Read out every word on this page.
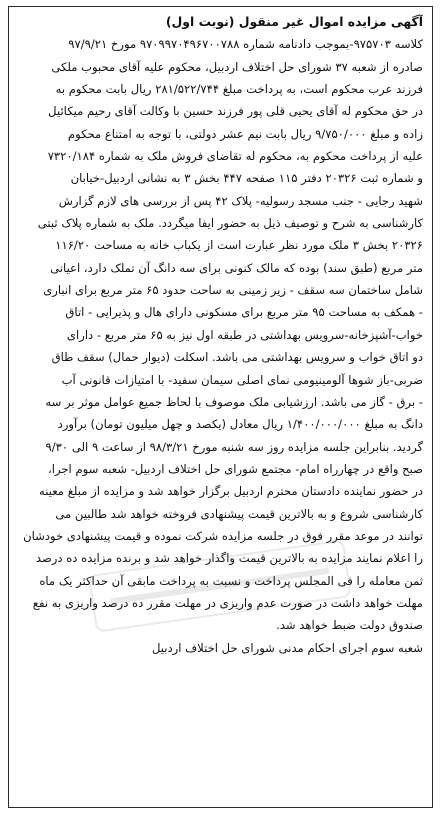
آگهی مزایده اموال غیر منقول (نوبت اول)
کلاسه ۹۷۵۷۰۳-بموجب دادنامه شماره ۹۷۰۹۹۷۰۴۹۶۷۰۰۷۸۸ مورخ ۹۷/۹/۲۱
صادره از شعبه ۳۷ شورای حل اختلاف اردبیل، محکوم علیه آقای محبوب ملکی
فرزند عرب محکوم است، به پرداخت مبلغ ۲۸۱/۵۲۲/۷۴۴ ریال بابت محکوم به
در حق محکوم له آقای یحیی قلی پور فرزند حسین با وکالت آقای رحیم میکائیل
زاده و مبلغ ۹/۷۵۰/۰۰۰ ریال بابت نیم عشر دولتی، با توجه به امتناع محکوم
علیه از پرداخت محکوم به، محکوم له تقاضای فروش ملک به شماره ۷۳۲۰/۱۸۴
و شماره ثبت ۲۰۳۲۶ دفتر ۱۱۵ صفحه ۴۴۷ بخش ۳ به نشانی اردبیل-خیابان
شهید رجایی - جنب مسجد رسولیه- پلاک ۴۲ پس از بررسی های لازم گزارش
کارشناسی به شرح و توصیف ذیل به حضور ایفا میگردد. ملک به شماره پلاک ثبتی
۲۰۳۲۶ بخش ۳ ملک مورد نظر عبارت است از یکباب خانه به مساحت ۱۱۶/۲۰
متر مربع (طبق سند) بوده که مالک کنونی برای سه دانگ آن تملک دارد، اعیانی
شامل ساختمان سه سقف - زیر زمینی به ساحت حدود ۶۵ متر مربع برای انباری
- همکف به مساحت ۹۵ متر مربع برای مسکونی دارای هال و پذیرایی - اتاق
خواب-آشپزخانه-سرویس بهداشتی در طبقه اول نیز به ۶۵ متر مربع - دارای
دو اتاق خواب و سرویس بهداشتی می باشد. اسکلت (دیوار حمال) سقف طاق
ضربی-باز شوها آلومینیومی نمای اصلی سیمان سفید- با امتیازات قانونی آب
- برق - گاز می باشد. ارزشیابی ملک موصوف با لحاظ جمیع عوامل موثر بر سه
دانگ به مبلغ ۱/۴۰۰/۰۰۰/۰۰۰ ریال معادل (یکصد و چهل میلیون تومان) برآورد
گردید. بنابراین جلسه مزایده روز سه شنبه مورخ ۹۸/۳/۲۱ از ساعت ۹ الی ۹/۳۰
صبح واقع در چهارراه امام- مجتمع شورای حل اختلاف اردبیل- شعبه سوم اجرا،
در حضور نماینده دادستان محترم اردبیل برگزار خواهد شد و مزایده از مبلغ معینه
کارشناسی شروع و به بالاترین قیمت پیشنهادی فروخته خواهد شد طالبین می
توانند در موعد مقرر فوق در جلسه مزایده شرکت نموده و قیمت پیشنهادی خودشان
را اعلام نمایند مزایده به بالاترین قیمت واگذار خواهد شد و برنده مزایده ده درصد
ثمن معامله را فی المجلس پرداخت و نسبت به پرداخت مابقی آن حداکثر یک ماه
مهلت خواهد داشت در صورت عدم واریزی در مهلت مقرر ده درصد واریزی به نفع
صندوق دولت ضبط خواهد شد.
شعبه سوم اجرای احکام مدنی شورای حل اختلاف اردبیل
